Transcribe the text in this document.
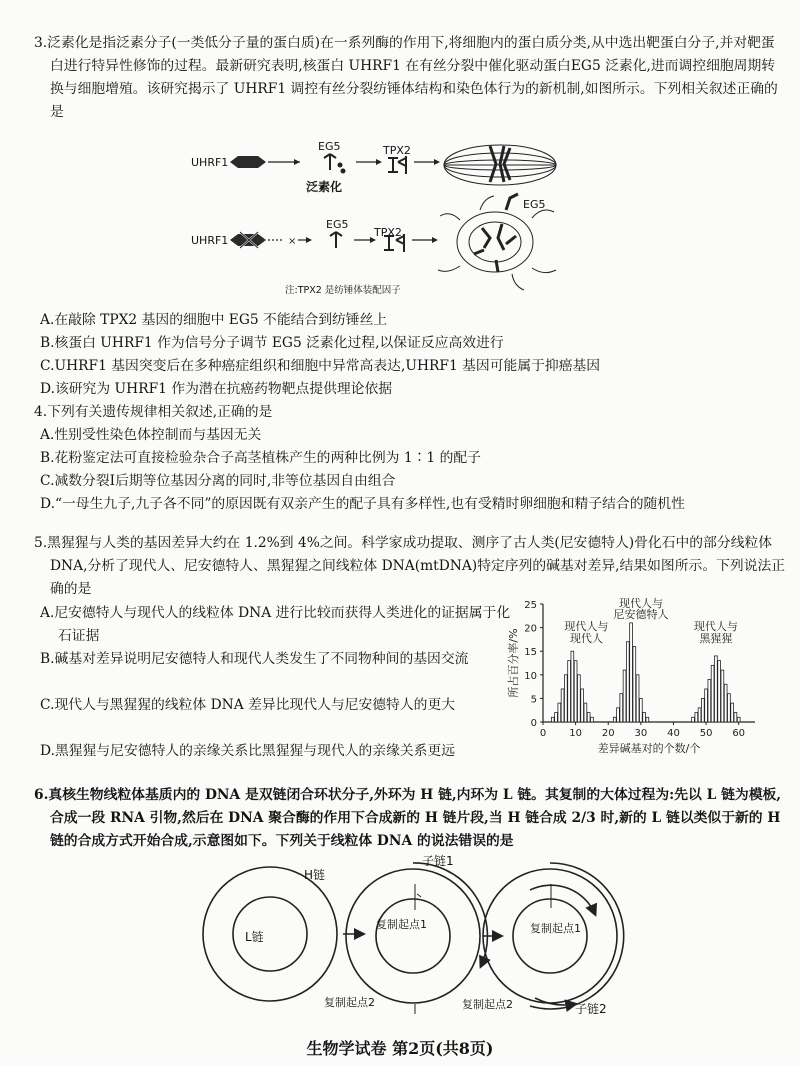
3.泛素化是指泛素分子(一类低分子量的蛋白质)在一系列酶的作用下,将细胞内的蛋白质分类,从中选出靶蛋白分子,并对靶蛋白进行特异性修饰的过程。最新研究表明,核蛋白 UHRF1 在有丝分裂中催化驱动蛋白EG5 泛素化,进而调控细胞周期转换与细胞增殖。该研究揭示了 UHRF1 调控有丝分裂纺锤体结构和染色体行为的新机制,如图所示。下列相关叙述正确的是
×
UHRF1
EG5	TPX2
泛素化
UHRF1
EG5
TPX2
EG5
注:TPX2 是纺锤体装配因子
A.在敲除 TPX2 基因的细胞中 EG5 不能结合到纺锤丝上
B.核蛋白 UHRF1 作为信号分子调节 EG5 泛素化过程,以保证反应高效进行
C.UHRF1 基因突变后在多种癌症组织和细胞中异常高表达,UHRF1 基因可能属于抑癌基因
D.该研究为 UHRF1 作为潜在抗癌药物靶点提供理论依据
4.下列有关遗传规律相关叙述,正确的是
A.性别受性染色体控制而与基因无关
B.花粉鉴定法可直接检验杂合子高茎植株产生的两种比例为 1∶1 的配子
C.减数分裂Ⅰ后期等位基因分离的同时,非等位基因自由组合
D.“一母生九子,九子各不同”的原因既有双亲产生的配子具有多样性,也有受精时卵细胞和精子结合的随机性
5.黑猩猩与人类的基因差异大约在 1.2%到 4%之间。科学家成功提取、测序了古人类(尼安德特人)骨化石中的部分线粒体 DNA,分析了现代人、尼安德特人、黑猩猩之间线粒体 DNA(mtDNA)特定序列的碱基对差异,结果如图所示。下列说法正确的是
A.尼安德特人与现代人的线粒体 DNA 进行比较而获得人类进化的证据属于化石证据
B.碱基对差异说明尼安德特人和现代人类发生了不同物种间的基因交流
C.现代人与黑猩猩的线粒体 DNA 差异比现代人与尼安德特人的更大
D.黑猩猩与尼安德特人的亲缘关系比黑猩猩与现代人的亲缘关系更远
0
5
10
15
20
25
0 10 20 30 40 50 60
差异碱基对的个数/个
所占百分率/%
现代人与
现代人
现代人与
尼安德特人
现代人与
黑猩猩
6.真核生物线粒体基质内的 DNA 是双链闭合环状分子,外环为 H 链,内环为 L 链。其复制的大体过程为:先以 L 链为模板,合成一段 RNA 引物,然后在 DNA 聚合酶的作用下合成新的 H 链片段,当 H 链合成 2/3 时,新的 L 链以类似于新的 H 链的合成方式开始合成,示意图如下。下列关于线粒体 DNA 的说法错误的是
H链
L链
子链1
复制起点1
复制起点2
复制起点1
复制起点2	子链2
生物学试卷 第2页(共8页)
